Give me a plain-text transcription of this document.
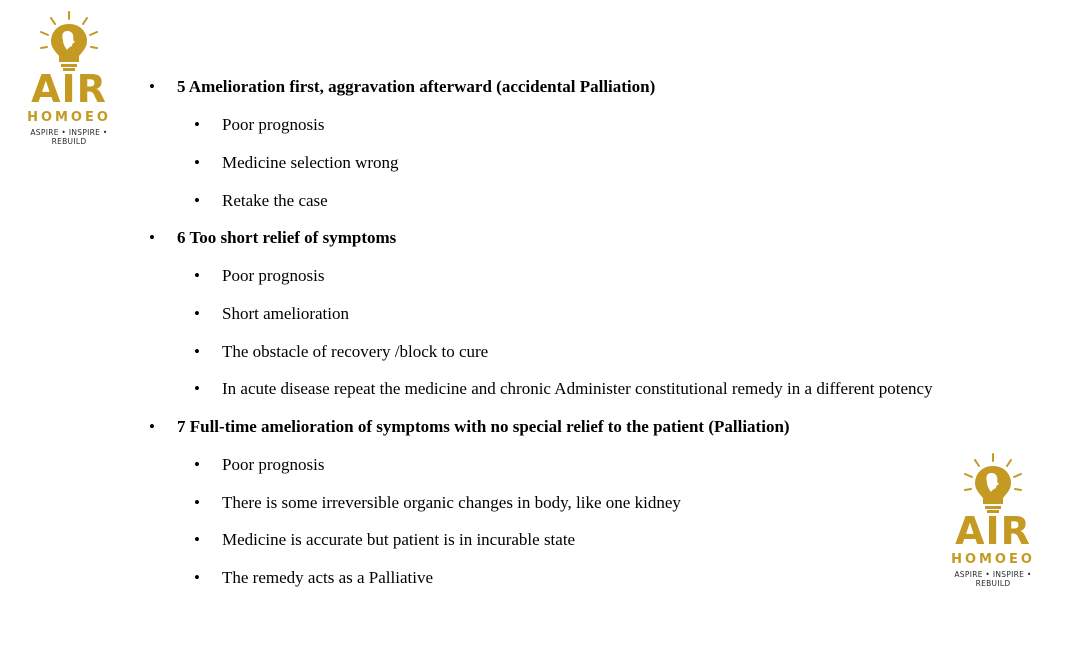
AIR
HOMOEO
ASPIRE • INSPIRE • REBUILD
AIR
HOMOEO
ASPIRE • INSPIRE • REBUILD
• 5 Amelioration first, aggravation afterward (accidental Palliation)
• Poor prognosis
• Medicine selection wrong
• Retake the case
• 6 Too short relief of symptoms
• Poor prognosis
• Short amelioration
• The obstacle of recovery /block to cure
• In acute disease repeat the medicine and chronic Administer constitutional remedy in a different potency
• 7 Full-time amelioration of symptoms with no special relief to the patient (Palliation)
• Poor prognosis
• There is some irreversible organic changes in body, like one kidney
• Medicine is accurate but patient is in incurable state
• The remedy acts as a Palliative
